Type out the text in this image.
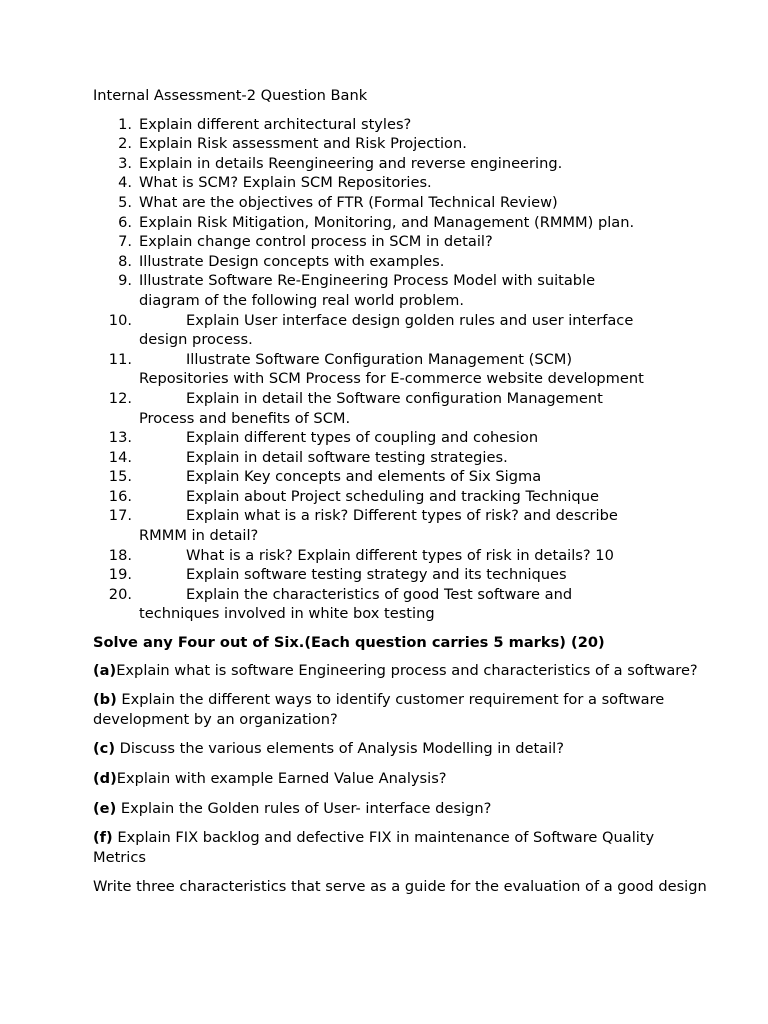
Internal Assessment-2 Question Bank

1. Explain different architectural styles?
2. Explain Risk assessment and Risk Projection.
3. Explain in details Reengineering and reverse engineering.
4. What is SCM? Explain SCM Repositories.
5. What are the objectives of FTR (Formal Technical Review)
6. Explain Risk Mitigation, Monitoring, and Management (RMMM) plan.
7. Explain change control process in SCM in detail?
8. Illustrate Design concepts with examples.
9. Illustrate Software Re-Engineering Process Model with suitable
diagram of the following real world problem.
10.	Explain User interface design golden rules and user interface
design process.
11.	Illustrate Software Configuration Management (SCM)
Repositories with SCM Process for E-commerce website development
12.	Explain in detail the Software configuration Management
Process and benefits of SCM.
13.	Explain different types of coupling and cohesion
14.	Explain in detail software testing strategies.
15.	Explain Key concepts and elements of Six Sigma
16.	Explain about Project scheduling and tracking Technique
17.	Explain what is a risk? Different types of risk? and describe
RMMM in detail?
18.	What is a risk? Explain different types of risk in details? 10
19.	Explain software testing strategy and its techniques
20.	Explain the characteristics of good Test software and
techniques involved in white box testing

Solve any Four out of Six.(Each question carries 5 marks) (20)

(a)Explain what is software Engineering process and characteristics of a software?

(b) Explain the different ways to identify customer requirement for a software development by an organization?

(c) Discuss the various elements of Analysis Modelling in detail?

(d)Explain with example Earned Value Analysis?

(e) Explain the Golden rules of User- interface design?

(f) Explain FIX backlog and defective FIX in maintenance of Software Quality Metrics

Write three characteristics that serve as a guide for the evaluation of a good design
